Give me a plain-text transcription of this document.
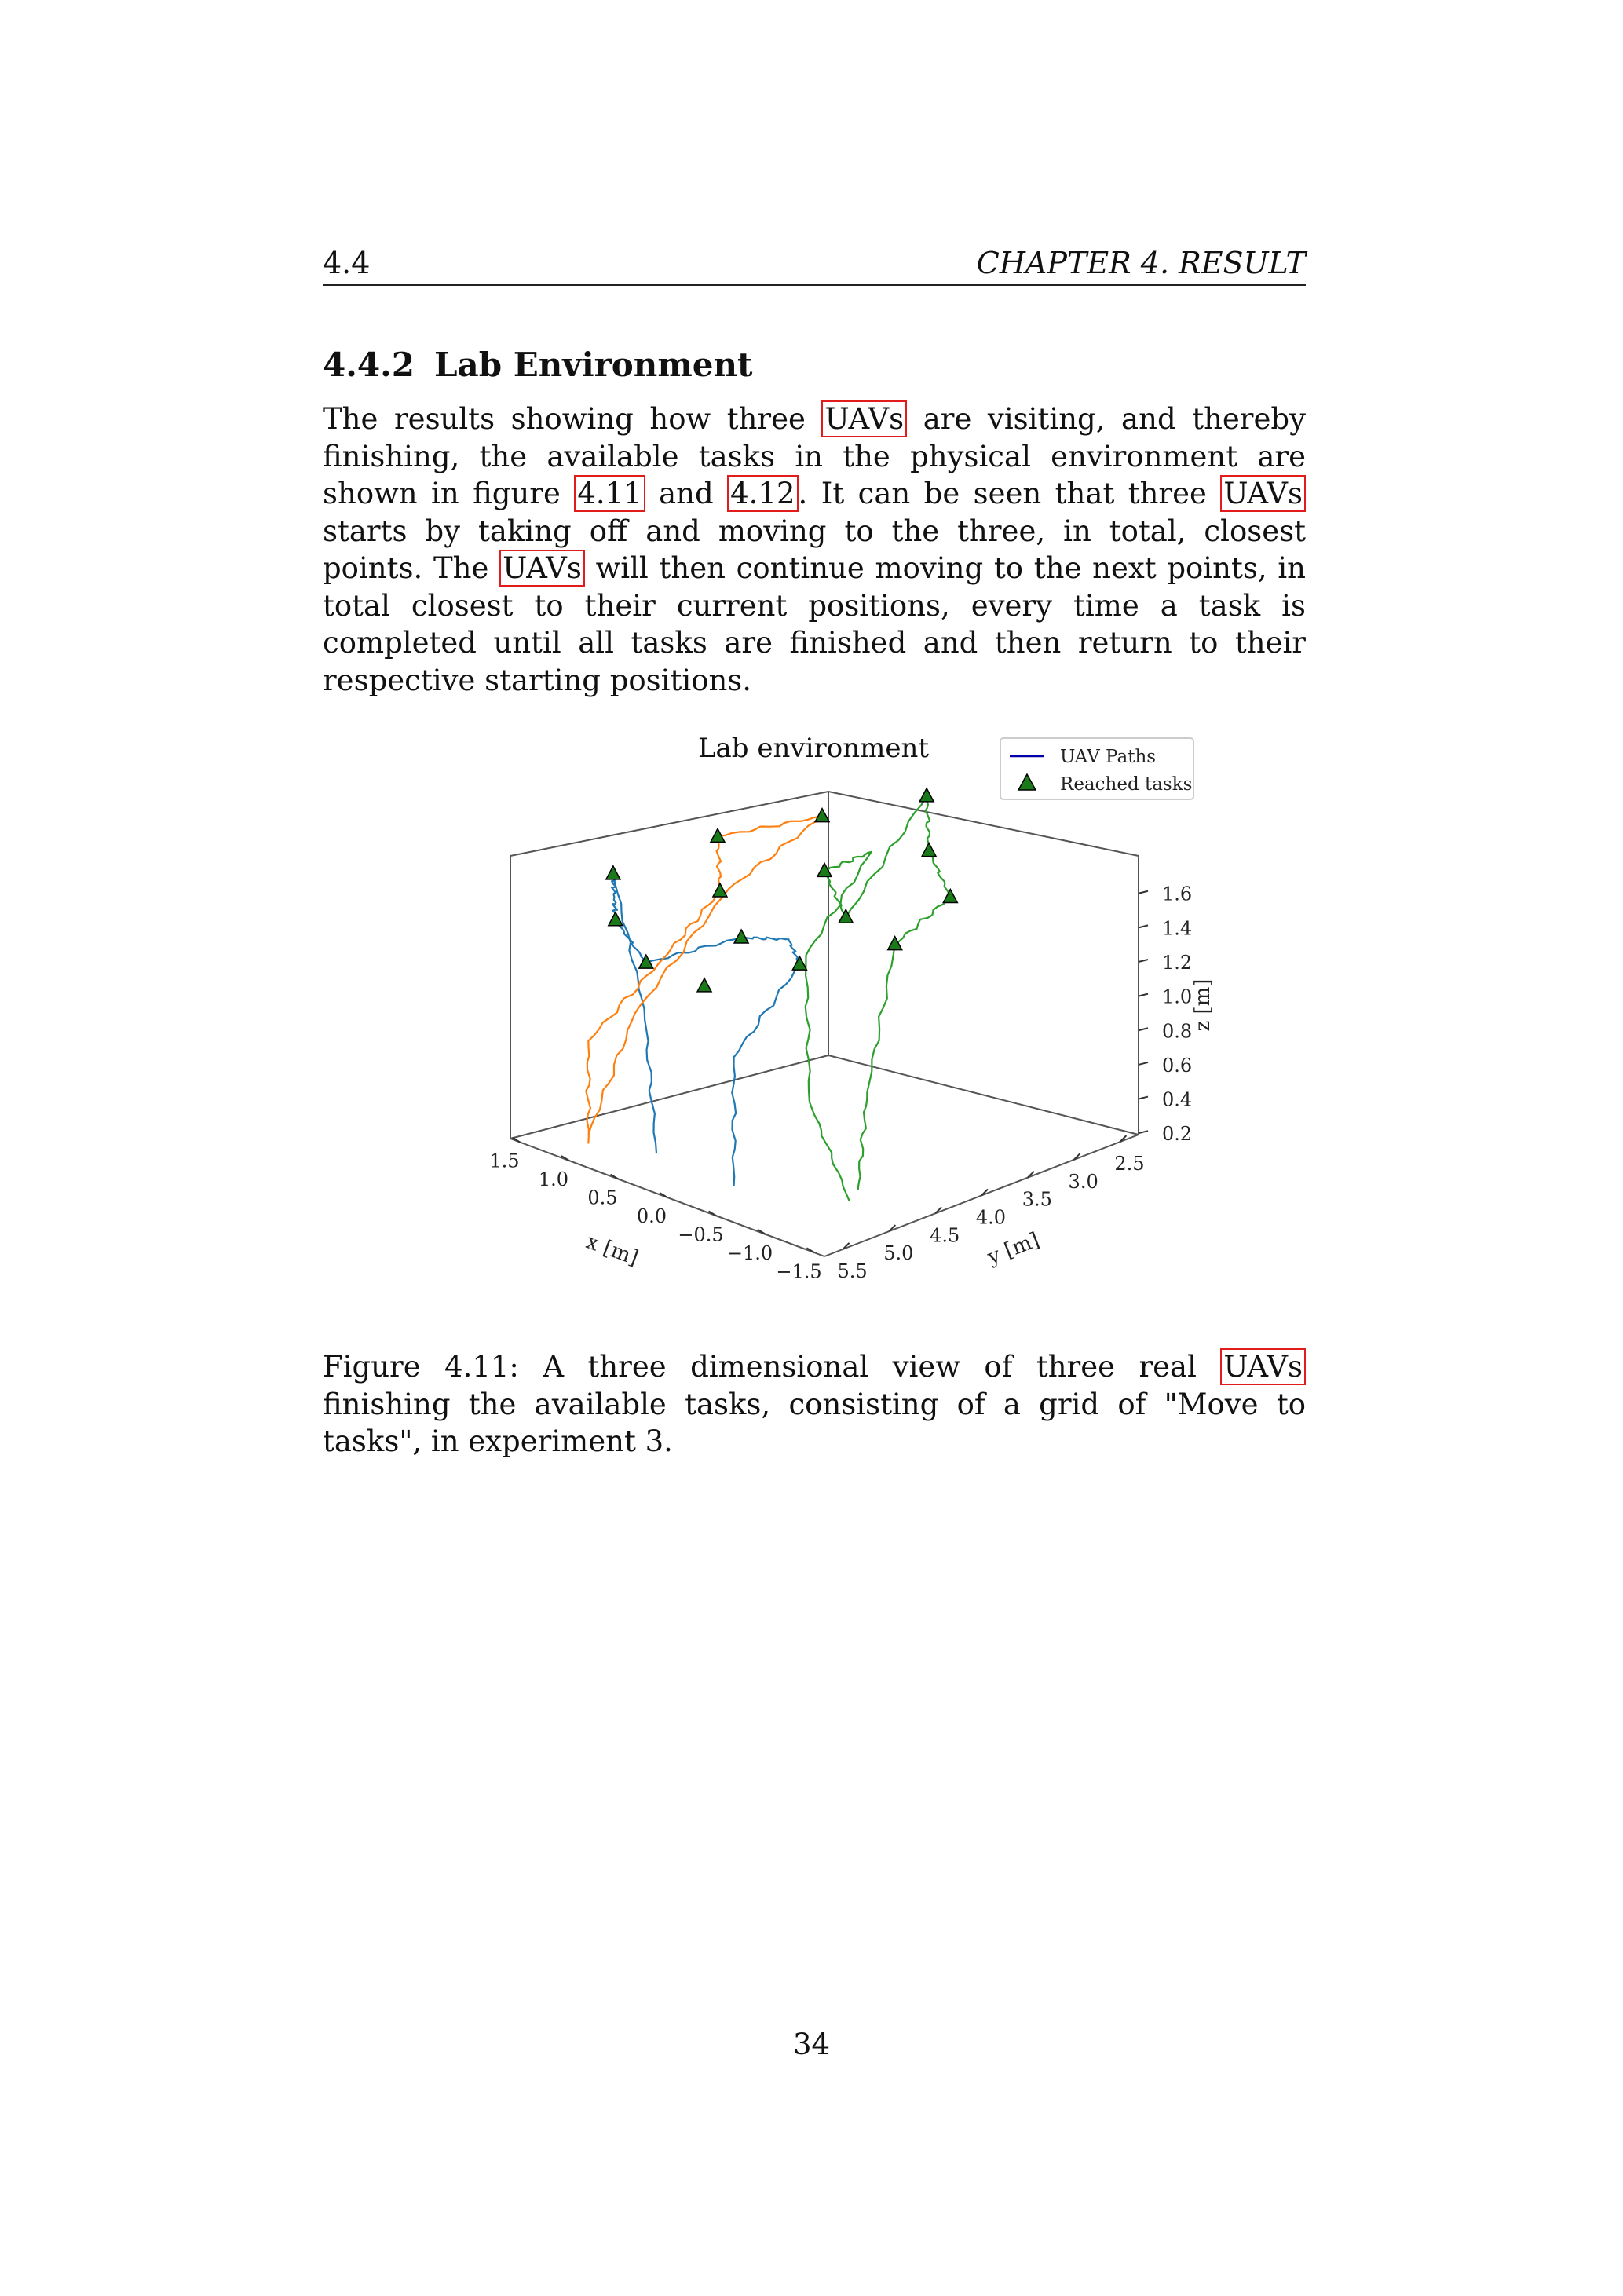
4.4	CHAPTER 4. RESULT
4.4.2 Lab Environment
The results showing how three UAVs are visiting, and thereby finishing, the available tasks in the physical environment are shown in figure 4.11 and 4.12 . It can be seen that three UAVs starts by taking off and moving to the three, in total, closest points. The UAVs will then continue moving to the next points, in total closest to their current positions, every time a task is completed until all tasks are finished and then return to their respective starting positions.
1.5
1.0
0.5
0.0
−0.5
−1.0
−1.5 5.5
5.0
4.5
4.0
3.5
3.0
2.5
1.6
1.4
1.2
1.0
0.8
0.6
0.4
0.2
x [m]	y [m]
z [m]
Lab environment	UAV Paths
Reached tasks
Figure 4.11: A three dimensional view of three real UAVs finishing the available tasks, consisting of a grid of "Move to tasks", in experiment 3.
34
